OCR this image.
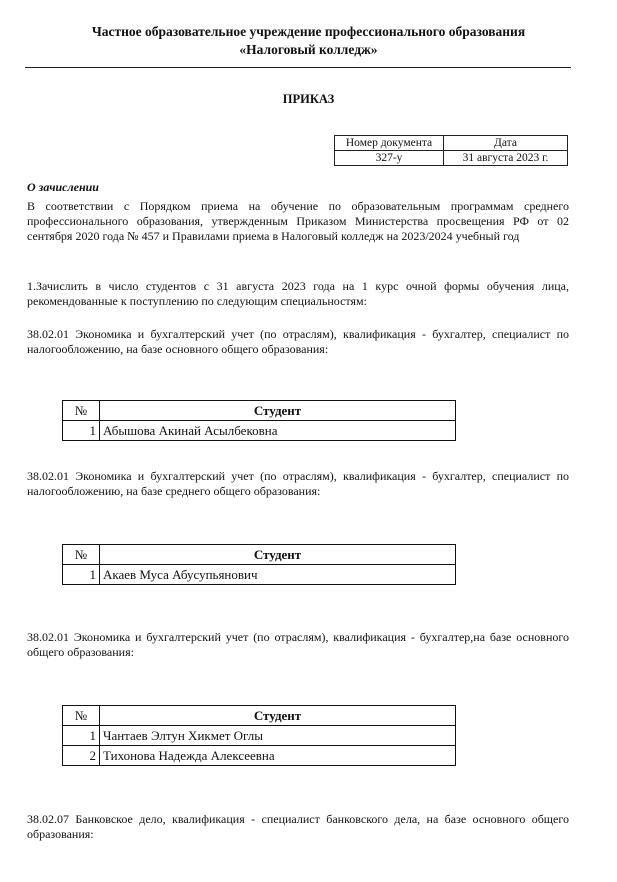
Частное образовательное учреждение профессионального образования
«Налоговый колледж»
ПРИКАЗ
Номер документа	Дата
327-у	31 августа 2023 г.
О зачислении
В соответствии с Порядком приема на обучение по образовательным программам среднего профессионального образования, утвержденным Приказом Министерства просвещения РФ от 02 сентября 2020 года № 457 и Правилами приема в Налоговый колледж на 2023/2024 учебный год
1.Зачислить в число студентов с 31 августа 2023 года на 1 курс очной формы обучения лица, рекомендованные к поступлению по следующим специальностям:
38.02.01 Экономика и бухгалтерский учет (по отраслям), квалификация - бухгалтер, специалист по налогообложению, на базе основного общего образования:
№	Студент
1	Абышова Акинай Асылбековна
38.02.01 Экономика и бухгалтерский учет (по отраслям), квалификация - бухгалтер, специалист по налогообложению, на базе среднего общего образования:
№	Студент
1	Акаев Муса Абусупьянович
38.02.01 Экономика и бухгалтерский учет (по отраслям), квалификация - бухгалтер,на базе основного общего образования:
№	Студент
1	Чантаев Элтун Хикмет Оглы
2	Тихонова Надежда Алексеевна
38.02.07 Банковское дело, квалификация - специалист банковского дела, на базе основного общего образования:
